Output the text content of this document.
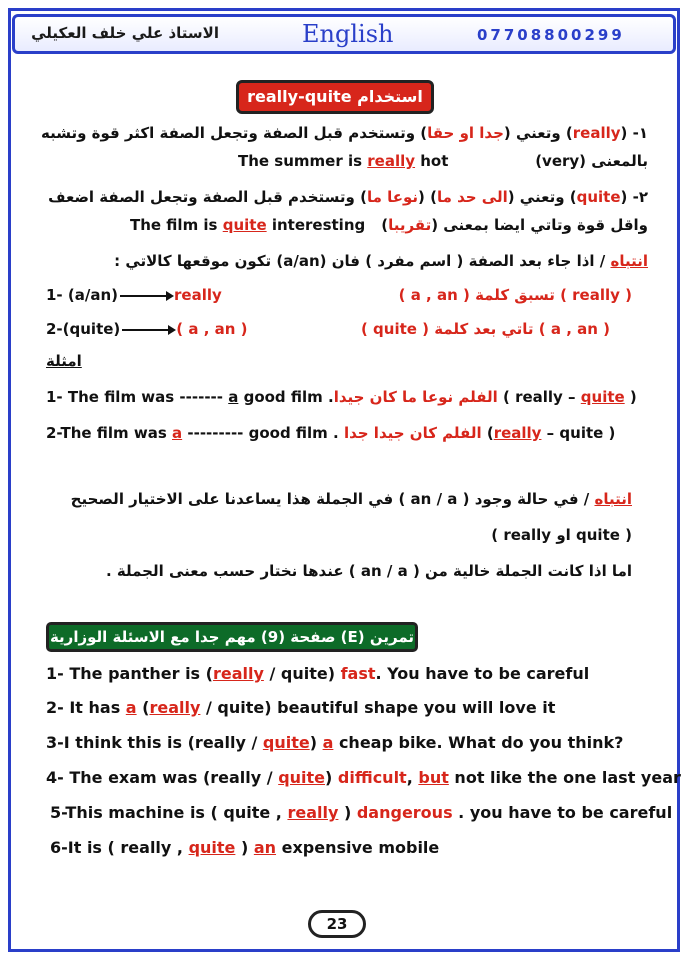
الاستاذ علي خلف العكيلي	English	07708800299
really-quite استخدام
١- (really) وتعني (جدا او حقا) وتستخدم قبل الصفة وتجعل الصفة اكثر قوة وتشبه
(very) بالمعنى
The summer is really hot
٢- (quite) وتعني (الى حد ما) (نوعا ما) وتستخدم قبل الصفة وتجعل الصفة اضعف
واقل قوة وتاتي ايضا بمعنى (تقريبا)
The film is quite interesting
انتباه / اذا جاء بعد الصفة ( اسم مفرد ) فان (a/an) تكون موقعها كالاتي :
1- (a/an)	really	( really ) تسبق كلمة ( a , an )
2-(quite)	( a , an )	( a , an ) تاتي بعد كلمة ( quite )
امثلة
1- The film was ------- a good film .الفلم نوعا ما كان جيدا ( really – quite )
2-The film was a --------- good film . الفلم كان جيدا جدا (really – quite )
انتباه / في حالة وجود ( an / a ) في الجملة هذا يساعدنا على الاختيار الصحيح
( quite او really )
اما اذا كانت الجملة خالية من ( an / a ) عندها نختار حسب معنى الجملة .
تمرين (E) صفحة (9) مهم جدا مع الاسئلة الوزارية
1- The panther is (really / quite) fast. You have to be careful
2- It has a (really / quite) beautiful shape you will love it
3-I think this is (really / quite) a cheap bike. What do you think?
4- The exam was (really / quite) difficult, but not like the one last year
5-This machine is ( quite , really ) dangerous . you have to be careful
6-It is ( really , quite ) an expensive mobile
23
